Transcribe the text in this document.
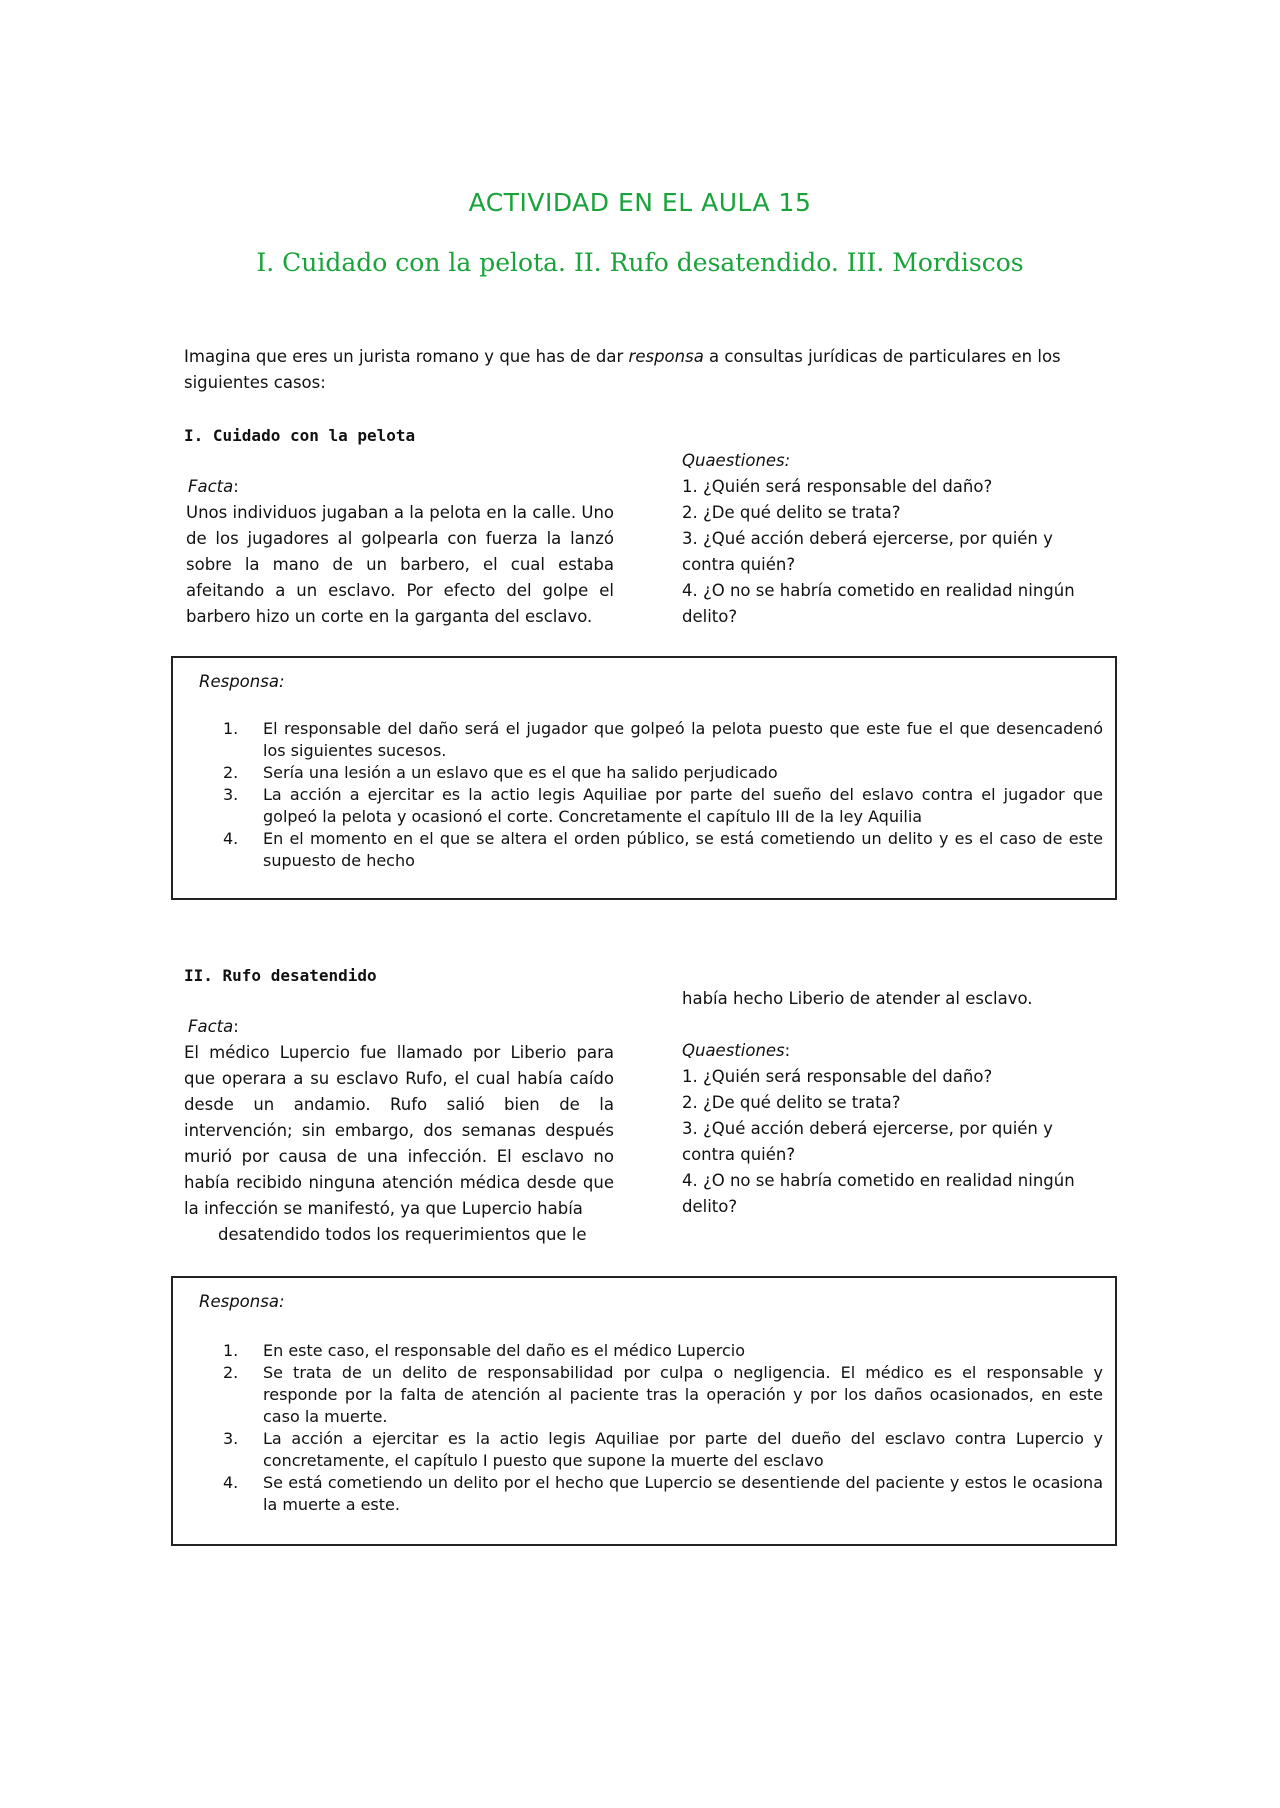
ACTIVIDAD EN EL AULA 15
I. Cuidado con la pelota. II. Rufo desatendido. III. Mordiscos
Imagina que eres un jurista romano y que has de dar responsa a consultas jurídicas de particulares en los siguientes casos:
I. Cuidado con la pelota
Facta:
Unos individuos jugaban a la pelota en la calle. Uno de los jugadores al golpearla con fuerza la lanzó sobre la mano de un barbero, el cual estaba afeitando a un esclavo. Por efecto del golpe el barbero hizo un corte en la garganta del esclavo.
Quaestiones:
1. ¿Quién será responsable del daño?
2. ¿De qué delito se trata?
3. ¿Qué acción deberá ejercerse, por quién y contra quién?
4. ¿O no se habría cometido en realidad ningún delito?
Responsa:
1.	El responsable del daño será el jugador que golpeó la pelota puesto que este fue el que desencadenó los siguientes sucesos.
2.	Sería una lesión a un eslavo que es el que ha salido perjudicado
3.	La acción a ejercitar es la actio legis Aquiliae por parte del sueño del eslavo contra el jugador que golpeó la pelota y ocasionó el corte. Concretamente el capítulo III de la ley Aquilia
4.	En el momento en el que se altera el orden público, se está cometiendo un delito y es el caso de este supuesto de hecho
II. Rufo desatendido
Facta:
El médico Lupercio fue llamado por Liberio para que operara a su esclavo Rufo, el cual había caído desde un andamio. Rufo salió bien de la intervención; sin embargo, dos semanas después murió por causa de una infección. El esclavo no había recibido ninguna atención médica desde que la infección se manifestó, ya que Lupercio había
desatendido todos los requerimientos que le
había hecho Liberio de atender al esclavo.
Quaestiones:
1. ¿Quién será responsable del daño?
2. ¿De qué delito se trata?
3. ¿Qué acción deberá ejercerse, por quién y contra quién?
4. ¿O no se habría cometido en realidad ningún delito?
Responsa:
1.	En este caso, el responsable del daño es el médico Lupercio
2.	Se trata de un delito de responsabilidad por culpa o negligencia. El médico es el responsable y responde por la falta de atención al paciente tras la operación y por los daños ocasionados, en este caso la muerte.
3.	La acción a ejercitar es la actio legis Aquiliae por parte del dueño del esclavo contra Lupercio y concretamente, el capítulo I puesto que supone la muerte del esclavo
4.	Se está cometiendo un delito por el hecho que Lupercio se desentiende del paciente y estos le ocasiona la muerte a este.
